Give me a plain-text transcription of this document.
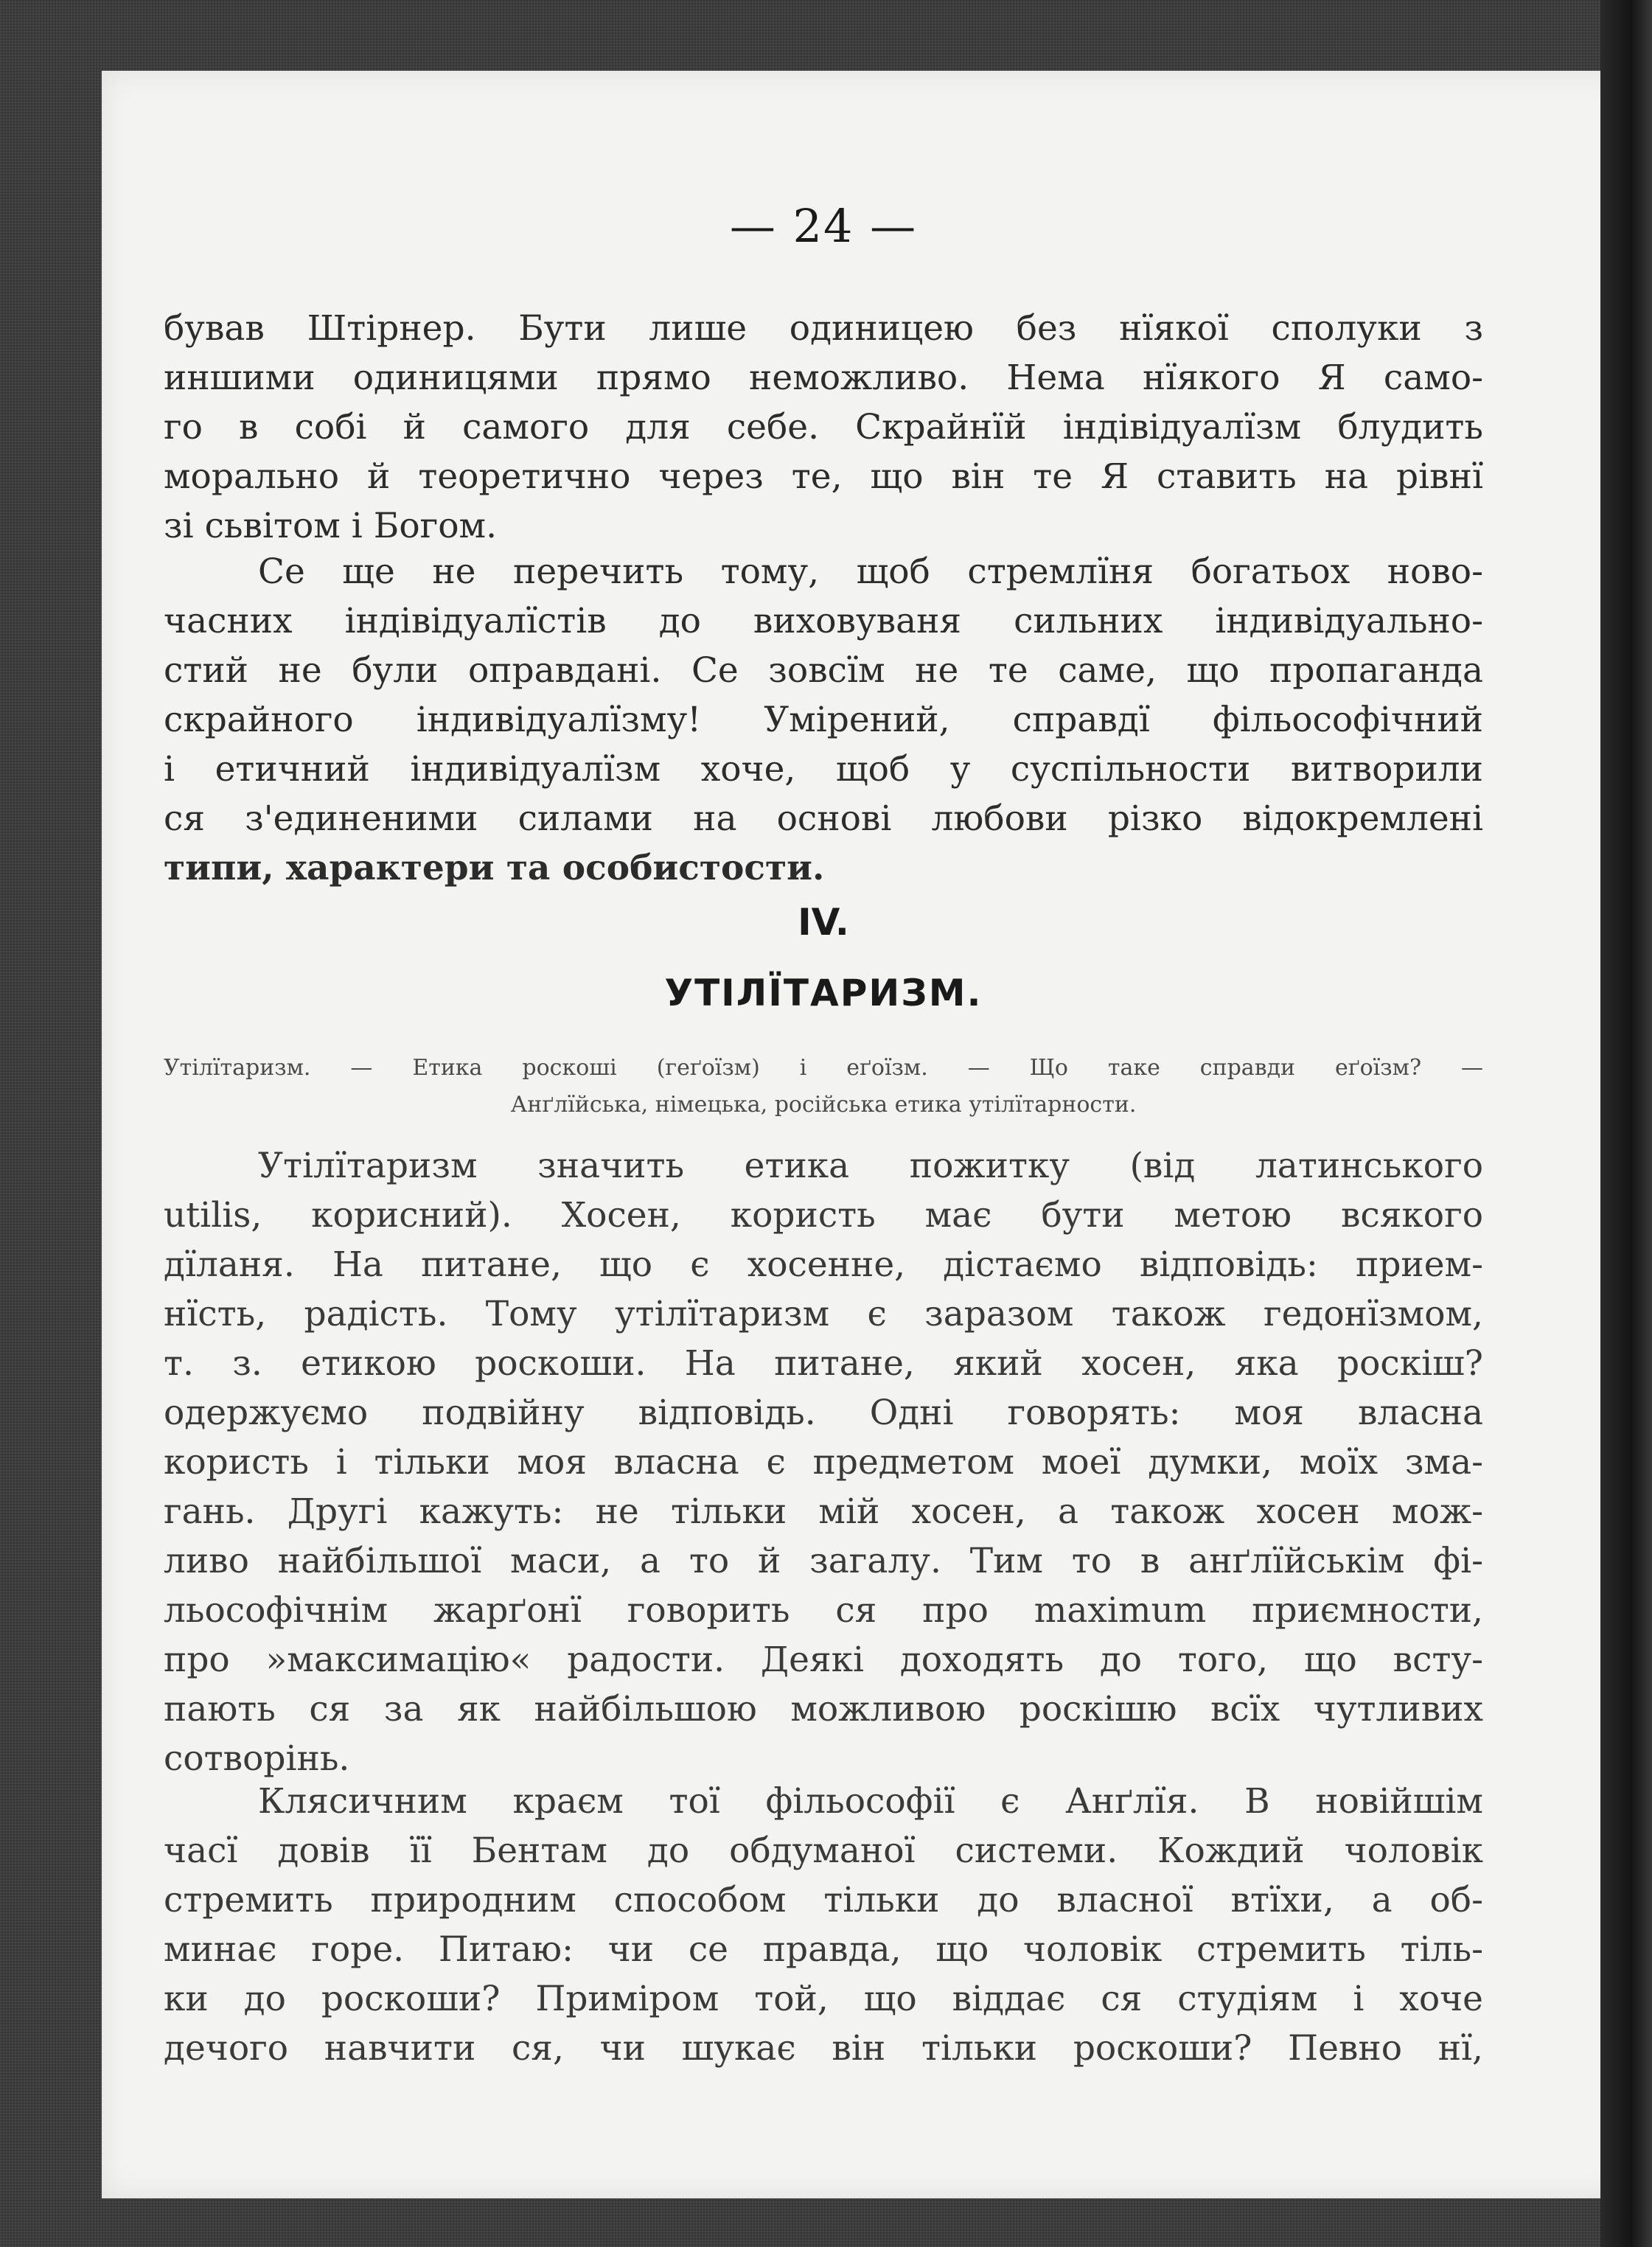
— 24 —
бував Штірнер. Бути лише одиницею без нїякої сполуки з
иншими одиницями прямо неможливо. Нема нїякого Я само-
го в собі й самого для себе. Скрайнїй індівідуалїзм блудить
морально й теоретично через те, що він те Я ставить на рівнї
зі сьвітом і Богом.
Се ще не перечить тому, щоб стремлїня богатьох ново-
часних індівідуалїстів до виховуваня сильних індивідуально-
стий не були оправдані. Се зовсїм не те саме, що пропаганда
скрайного індивідуалїзму! Умірений, справдї фільософічний
і етичний індивідуалїзм хоче, щоб у суспільности витворили
ся з'единеними силами на основі любови різко відокремлені
типи, характери та особистости.
IV.
УТІЛЇТАРИЗМ.
Утілїтаризм. — Етика роскоші (геґоїзм) і еґоїзм. — Що таке справди еґоїзм? —
Анґлїйська, німецька, російська етика утілїтарности.
Утілїтаризм значить етика пожитку (від латинського
utilis, корисний). Хосен, користь має бути метою всякого
дїланя. На питане, що є хосенне, дістаємо відповідь: прием-
нїсть, радість. Тому утілїтаризм є заразом також гедонїзмом,
т. з. етикою роскоши. На питане, який хосен, яка роскіш?
одержуємо подвійну відповідь. Одні говорять: моя власна
користь і тільки моя власна є предметом моеї думки, моїх зма-
гань. Другі кажуть: не тільки мій хосен, а також хосен мож-
ливо найбільшої маси, а то й загалу. Тим то в анґлїйськім фі-
льософічнім жарґонї говорить ся про maximum приємности,
про »максимацію« радости. Деякі доходять до того, що всту-
пають ся за як найбільшою можливою роскішю всїх чутливих
сотворінь.
Клясичним краєм тої фільософії є Анґлїя. В новійшім
часї довів її Бентам до обдуманої системи. Кождий чоловік
стремить природним способом тільки до власної втїхи, а об-
минає горе. Питаю: чи се правда, що чоловік стремить тіль-
ки до роскоши? Приміром той, що віддає ся студіям і хоче
дечого навчити ся, чи шукає він тільки роскоши? Певно нї,
